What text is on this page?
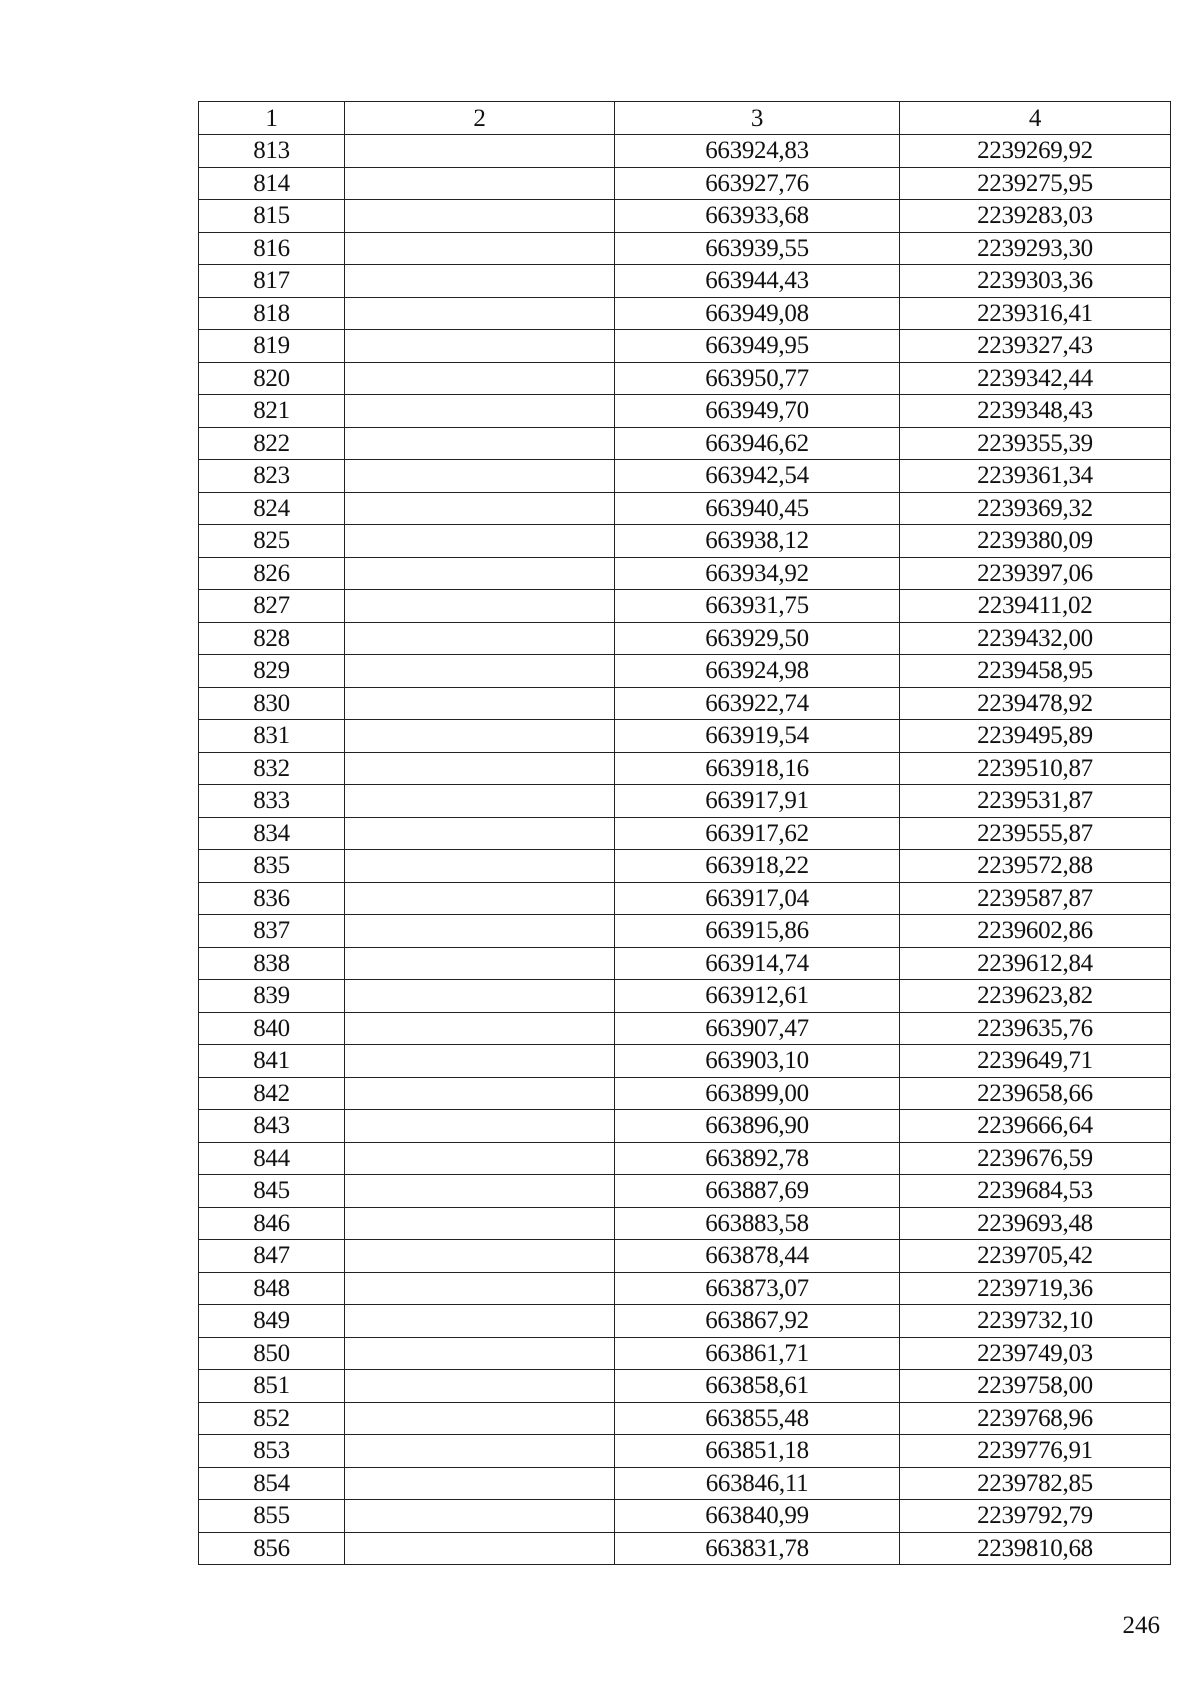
1	2	3	4
813		663924,83	2239269,92
814		663927,76	2239275,95
815		663933,68	2239283,03
816		663939,55	2239293,30
817		663944,43	2239303,36
818		663949,08	2239316,41
819		663949,95	2239327,43
820		663950,77	2239342,44
821		663949,70	2239348,43
822		663946,62	2239355,39
823		663942,54	2239361,34
824		663940,45	2239369,32
825		663938,12	2239380,09
826		663934,92	2239397,06
827		663931,75	2239411,02
828		663929,50	2239432,00
829		663924,98	2239458,95
830		663922,74	2239478,92
831		663919,54	2239495,89
832		663918,16	2239510,87
833		663917,91	2239531,87
834		663917,62	2239555,87
835		663918,22	2239572,88
836		663917,04	2239587,87
837		663915,86	2239602,86
838		663914,74	2239612,84
839		663912,61	2239623,82
840		663907,47	2239635,76
841		663903,10	2239649,71
842		663899,00	2239658,66
843		663896,90	2239666,64
844		663892,78	2239676,59
845		663887,69	2239684,53
846		663883,58	2239693,48
847		663878,44	2239705,42
848		663873,07	2239719,36
849		663867,92	2239732,10
850		663861,71	2239749,03
851		663858,61	2239758,00
852		663855,48	2239768,96
853		663851,18	2239776,91
854		663846,11	2239782,85
855		663840,99	2239792,79
856		663831,78	2239810,68
246
